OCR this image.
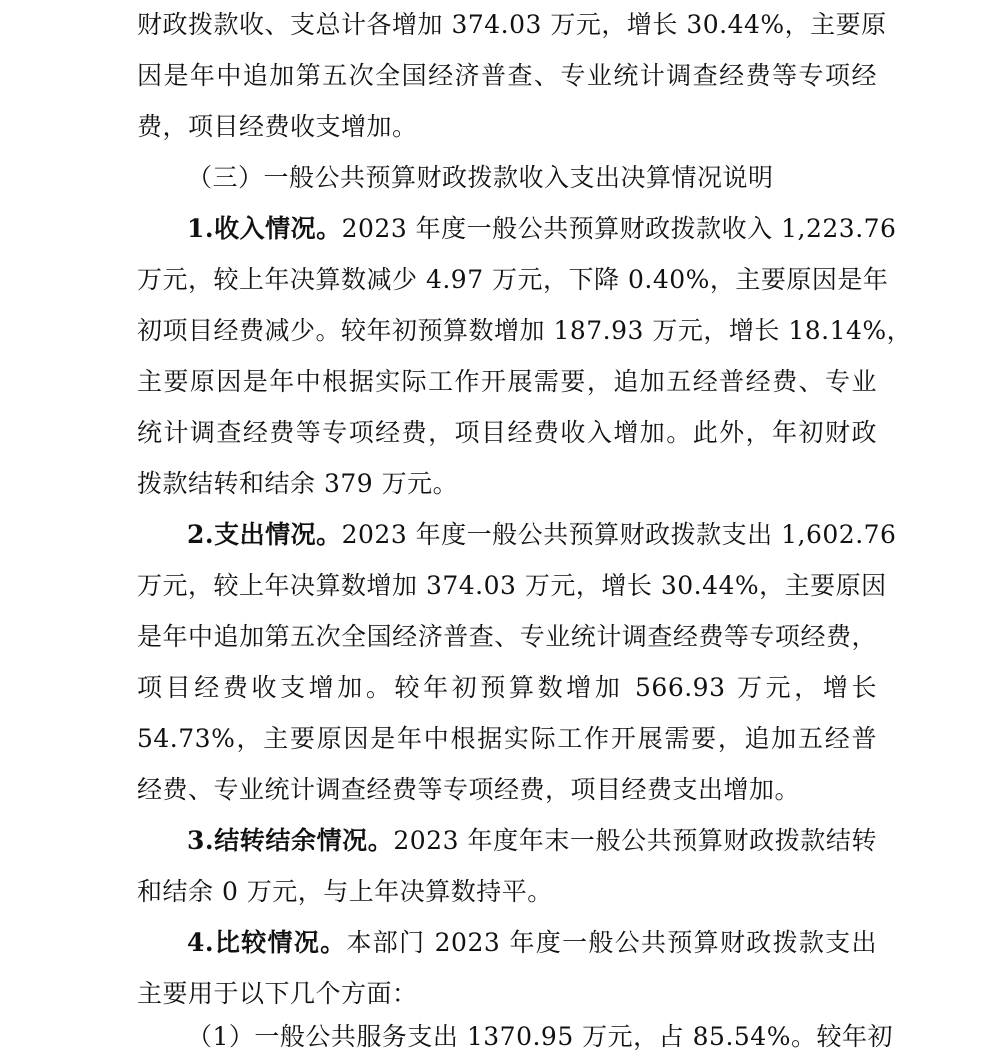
财政拨款收、支总计各增加 374.03 万元，增长 30.44%，主要原
因是年中追加第五次全国经济普查、专业统计调查经费等专项经
费，项目经费收支增加。
（三）一般公共预算财政拨款收入支出决算情况说明
1.收入情况。2023 年度一般公共预算财政拨款收入 1,223.76
万元，较上年决算数减少 4.97 万元，下降 0.40%，主要原因是年
初项目经费减少。较年初预算数增加 187.93 万元，增长 18.14%，
主要原因是年中根据实际工作开展需要，追加五经普经费、专业
统计调查经费等专项经费，项目经费收入增加。此外，年初财政
拨款结转和结余 379 万元。
2.支出情况。2023 年度一般公共预算财政拨款支出 1,602.76
万元，较上年决算数增加 374.03 万元，增长 30.44%，主要原因
是年中追加第五次全国经济普查、专业统计调查经费等专项经费，
项目经费收支增加。较年初预算数增加 566.93 万元，增长
54.73%，主要原因是年中根据实际工作开展需要，追加五经普
经费、专业统计调查经费等专项经费，项目经费支出增加。
3.结转结余情况。2023 年度年末一般公共预算财政拨款结转
和结余 0 万元，与上年决算数持平。
4.比较情况。本部门 2023 年度一般公共预算财政拨款支出
主要用于以下几个方面：
（1）一般公共服务支出 1370.95 万元，占 85.54%。较年初
